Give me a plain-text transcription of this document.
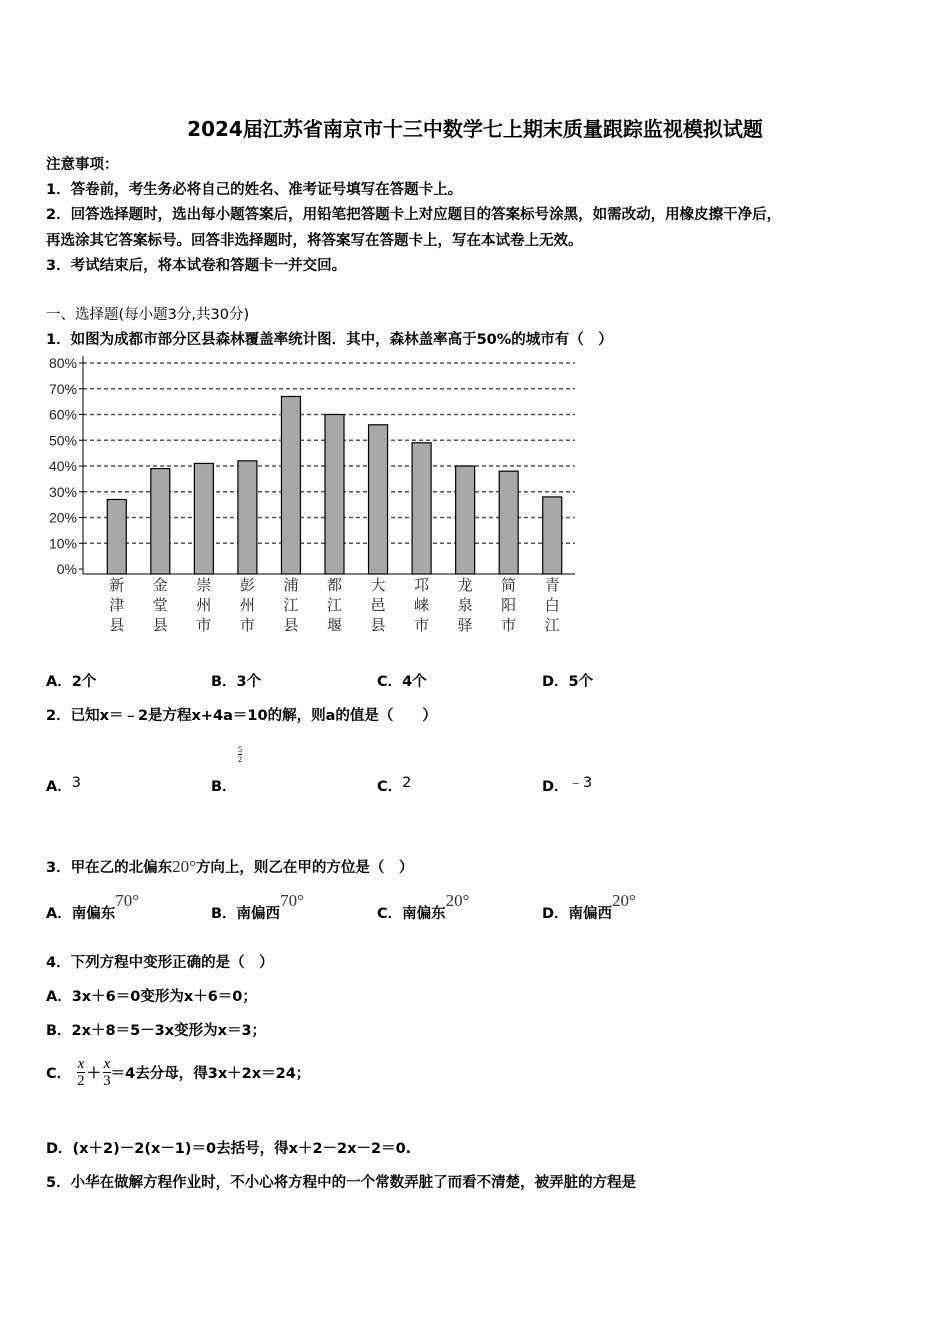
2024届江苏省南京市十三中数学七上期末质量跟踪监视模拟试题
注意事项：
1．答卷前，考生务必将自己的姓名、准考证号填写在答题卡上。
2．回答选择题时，选出每小题答案后，用铅笔把答题卡上对应题目的答案标号涂黑，如需改动，用橡皮擦干净后，
再选涂其它答案标号。回答非选择题时，将答案写在答题卡上，写在本试卷上无效。
3．考试结束后，将本试卷和答题卡一并交回。
一、选择题(每小题3分,共30分)
1．如图为成都市部分区县森林覆盖率统计图．其中，森林盖率高于50%的城市有（　）
0%
10%
20%
30%
40%
50%
60%
70%
80%
新
津
县
金
堂
县
崇
州
市
彭
州
市
浦
江
县
都
江
堰
大
邑
县
邛
崃
市
龙
泉
驿
简
阳
市
青
白
江
A．2个	B．3个	C．4个	D．5个
2．已知x＝﹣2是方程x+4a＝10的解，则a的值是（　　）
A．3	B．
$\frac{5}{2}$
C．2	D．﹣3
3．甲在乙的北偏东20°方向上，则乙在甲的方位是（　）
A．南偏东70°
B．南偏西70°
C．南偏东20°
D．南偏西20°
4．下列方程中变形正确的是（　）
A．3x＋6＝0变形为x＋6＝0；
B．2x＋8＝5－3x变形为x＝3；
C． $\frac{x}{2} + \frac{x}{3} =4$去分母，得3x＋2x＝24；
D．(x＋2)－2(x－1)＝0去括号，得x＋2－2x－2＝0.
5．小华在做解方程作业时，不小心将方程中的一个常数弄脏了而看不清楚，被弄脏的方程是
